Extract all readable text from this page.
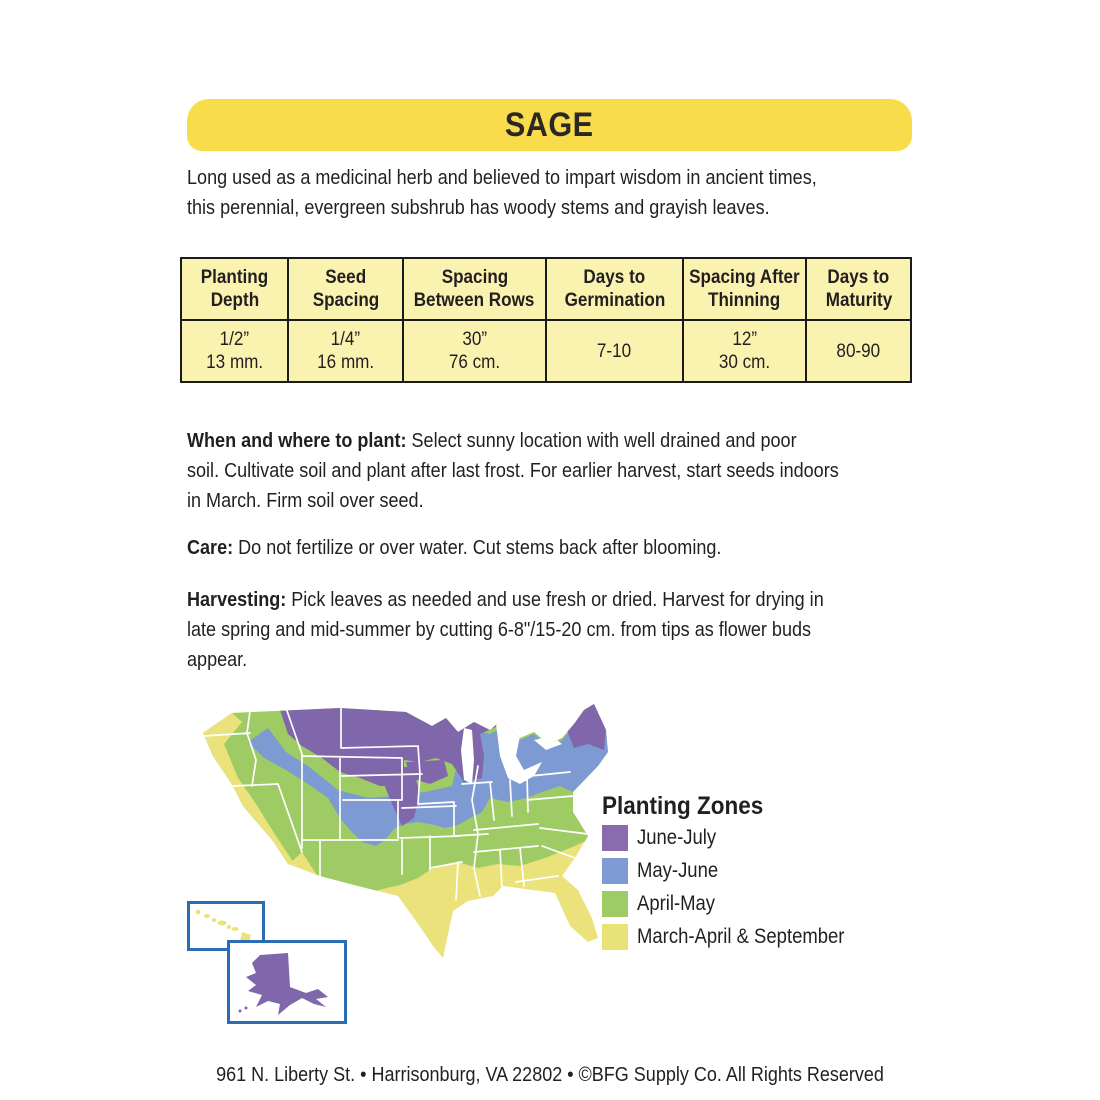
SAGE
Long used as a medicinal herb and believed to impart wisdom in ancient times,
this perennial, evergreen subshrub has woody stems and grayish leaves.
Planting
Depth
Seed
Spacing
Spacing
Between Rows
Days to
Germination
Spacing After
Thinning
Days to
Maturity
1/2”
13 mm.
1/4”
16 mm.
30”
76 cm.
7-10
12”
30 cm.
80-90
When and where to plant: Select sunny location with well drained and poor
soil. Cultivate soil and plant after last frost. For earlier harvest, start seeds indoors
in March. Firm soil over seed.
Care: Do not fertilize or over water. Cut stems back after blooming.
Harvesting: Pick leaves as needed and use fresh or dried. Harvest for drying in
late spring and mid-summer by cutting 6-8"/15-20 cm. from tips as flower buds
appear.
Planting Zones
June-July
May-June
April-May
March-April & September
961 N. Liberty St. • Harrisonburg, VA 22802 • ©BFG Supply Co. All Rights Reserved
